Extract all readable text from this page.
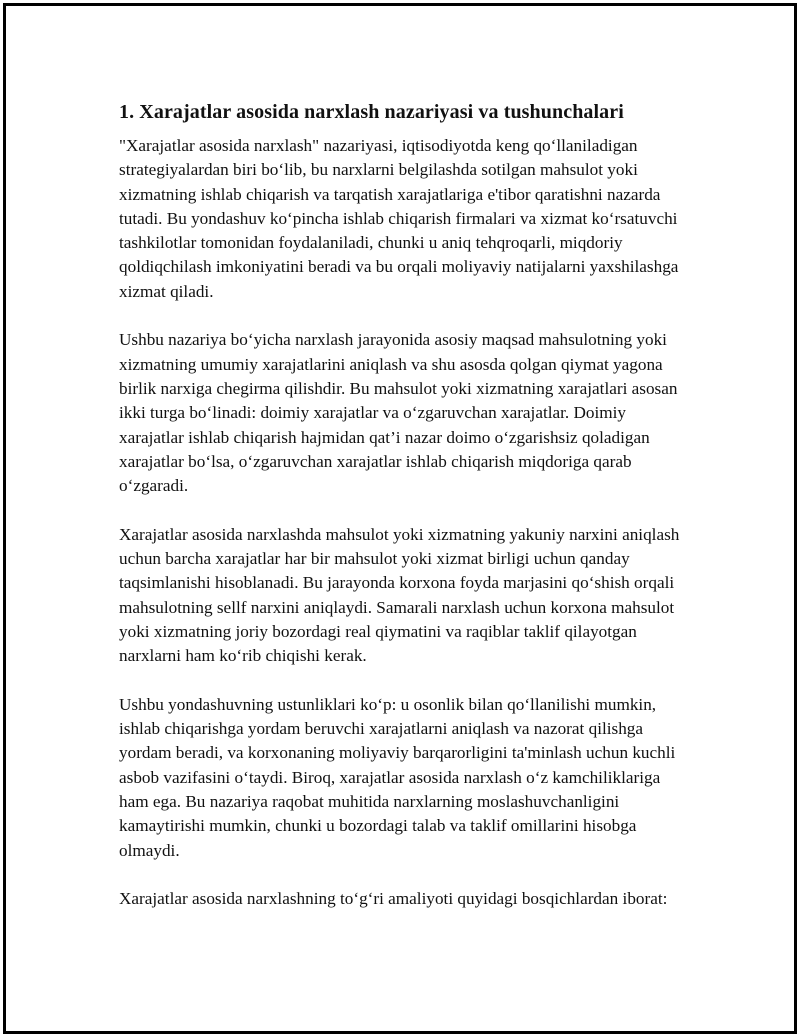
1. Xarajatlar asosida narxlash nazariyasi va tushunchalari

"Xarajatlar asosida narxlash" nazariyasi, iqtisodiyotda keng qo‘llaniladigan strategiyalardan biri bo‘lib, bu narxlarni belgilashda sotilgan mahsulot yoki xizmatning ishlab chiqarish va tarqatish xarajatlariga e'tibor qaratishni nazarda tutadi. Bu yondashuv ko‘pincha ishlab chiqarish firmalari va xizmat ko‘rsatuvchi tashkilotlar tomonidan foydalaniladi, chunki u aniq tehqroqarli, miqdoriy qoldiqchilash imkoniyatini beradi va bu orqali moliyaviy natijalarni yaxshilashga xizmat qiladi.

Ushbu nazariya bo‘yicha narxlash jarayonida asosiy maqsad mahsulotning yoki xizmatning umumiy xarajatlarini aniqlash va shu asosda qolgan qiymat yagona birlik narxiga chegirma qilishdir. Bu mahsulot yoki xizmatning xarajatlari asosan ikki turga bo‘linadi: doimiy xarajatlar va o‘zgaruvchan xarajatlar. Doimiy xarajatlar ishlab chiqarish hajmidan qat’i nazar doimo o‘zgarishsiz qoladigan xarajatlar bo‘lsa, o‘zgaruvchan xarajatlar ishlab chiqarish miqdoriga qarab o‘zgaradi.

Xarajatlar asosida narxlashda mahsulot yoki xizmatning yakuniy narxini aniqlash uchun barcha xarajatlar har bir mahsulot yoki xizmat birligi uchun qanday taqsimlanishi hisoblanadi. Bu jarayonda korxona foyda marjasini qo‘shish orqali mahsulotning sellf narxini aniqlaydi. Samarali narxlash uchun korxona mahsulot yoki xizmatning joriy bozordagi real qiymatini va raqiblar taklif qilayotgan narxlarni ham ko‘rib chiqishi kerak.

Ushbu yondashuvning ustunliklari ko‘p: u osonlik bilan qo‘llanilishi mumkin, ishlab chiqarishga yordam beruvchi xarajatlarni aniqlash va nazorat qilishga yordam beradi, va korxonaning moliyaviy barqarorligini ta'minlash uchun kuchli asbob vazifasini o‘taydi. Biroq, xarajatlar asosida narxlash o‘z kamchiliklariga ham ega. Bu nazariya raqobat muhitida narxlarning moslashuvchanligini kamaytirishi mumkin, chunki u bozordagi talab va taklif omillarini hisobga olmaydi.

Xarajatlar asosida narxlashning to‘g‘ri amaliyoti quyidagi bosqichlardan iborat:
